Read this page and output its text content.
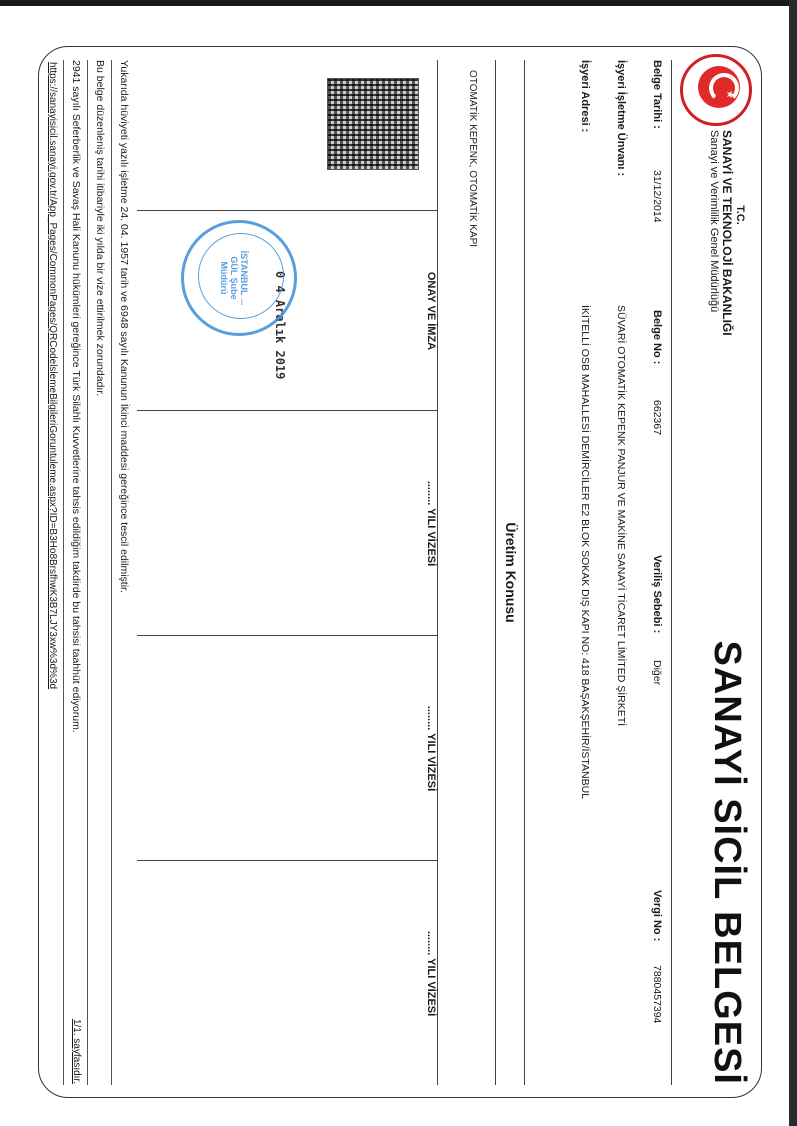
★
T.C.
SANAYİ VE TEKNOLOJİ BAKANLIĞI
Sanayi ve Verimlilik Genel Müdürlüğü
SANAYİ SİCİL BELGESİ
Belge Tarihi :
31/12/2014
Belge No :
662367
Veriliş Sebebi :
Diğer
Vergi No :
7880457394
İşyeri İşletme Ünvanı :
SÜVARİ OTOMATİK KEPENK PANJUR VE MAKİNE SANAYİ TİCARET LİMİTED ŞİRKETİ
İşyeri Adresi :
İKİTELLİ OSB MAHALLESİ DEMİRCİLER E2 BLOK SOKAK DIŞ KAPI NO: 418 BAŞAKŞEHİR/İSTANBUL
Üretim Konusu
OTOMATİK KEPENK, OTOMATİK KAPI
ONAY VE İMZA
0 4 Aralık 2019
İSTANBUL ... GÜL Şube Müdürü
........ YILI VİZESİ
........ YILI VİZESİ
........ YILI VİZESİ
Yukarıda hüviyeti yazılı işletme 24. 04. 1957 tarih ve 6948 sayılı Kanunun İkinci maddesi gereğince tescil edilmiştir.
Bu belge düzenleniş tarihi itibariyle iki yılda bir vize ettirilmek zorundadır.
2941 sayılı Seferberlik ve Savaş Hali Kanunu hükümleri gereğince Türk Silahlı Kuvvetlerine tahsis edildiğim takdirde bu tahsisi taahhüt ediyorum.
1/1. sayfasıdır.
https://sanayisicil.sanayi.gov.tr/App_Pages/CommonPages/QRCodelslemeBilgileriGoruntuleme.aspx?ID=B3Ho8BrsfhwK3B7LJY3xw%3d%3d
